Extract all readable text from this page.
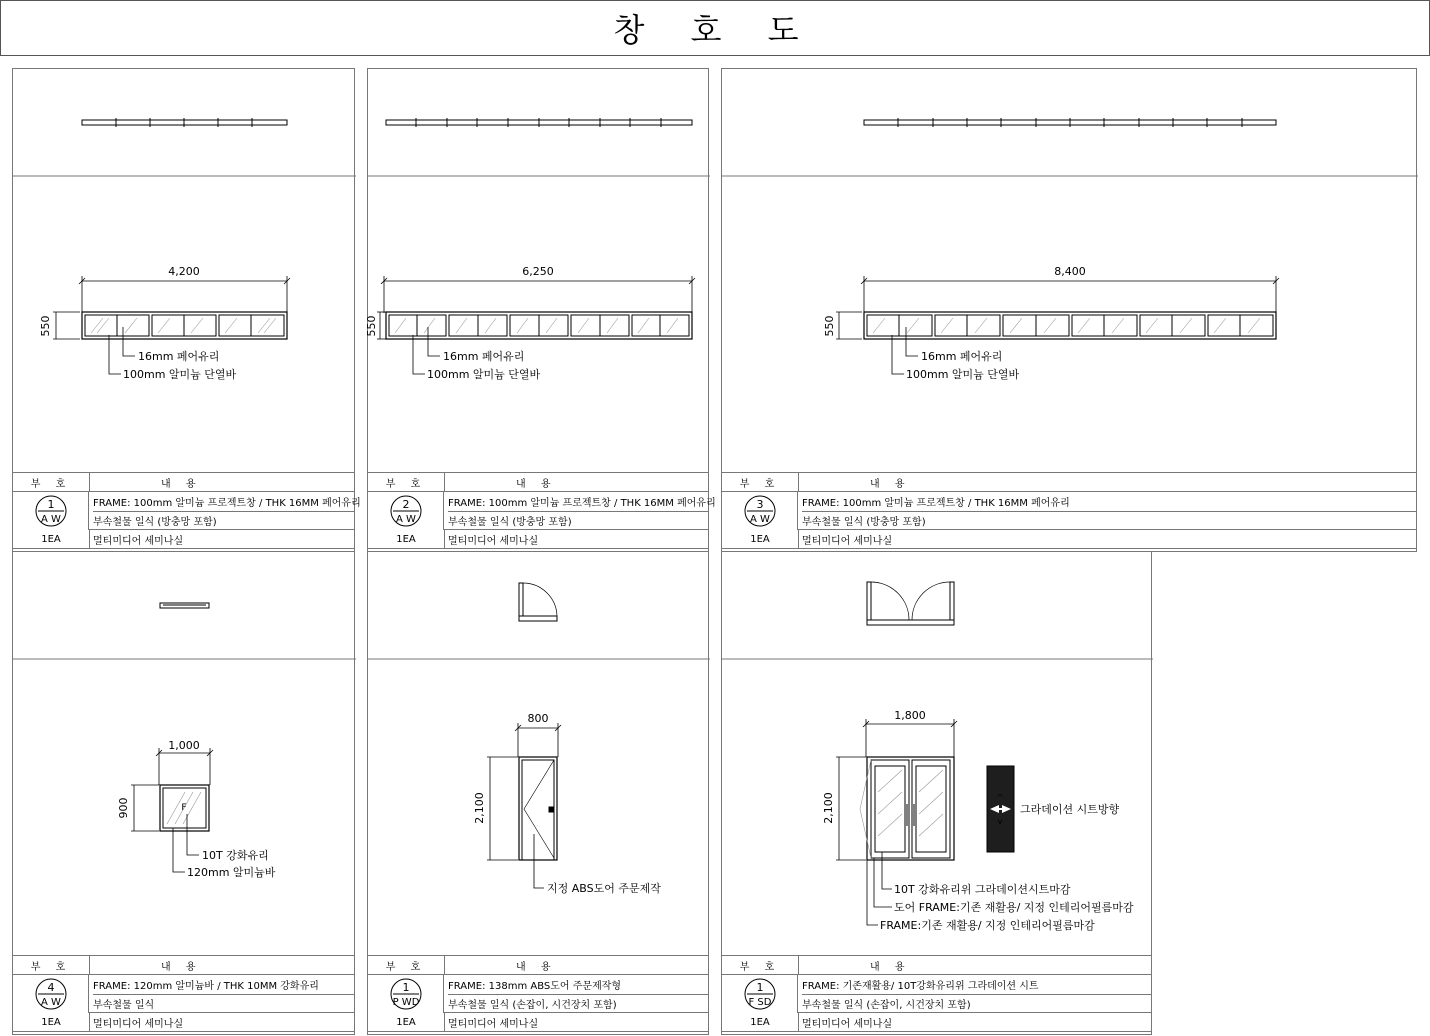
창 호 도
4,200
550
16mm 페어유리
100mm 알미늄 단열바
부 호	내 용
FRAME: 100mm 알미늄 프로젝트창 / THK 16MM 페어유리
부속철물 일식 (방충망 포함)
1EA	멀티미디어 세미나실
1
A W
6,250
550
16mm 페어유리
100mm 알미늄 단열바
부 호	내 용
FRAME: 100mm 알미늄 프로젝트창 / THK 16MM 페어유리
부속철물 일식 (방충망 포함)
1EA	멀티미디어 세미나실
2
A W
8,400
550
16mm 페어유리
100mm 알미늄 단열바
부 호	내 용
FRAME: 100mm 알미늄 프로젝트창 / THK 16MM 페어유리
부속철물 일식 (방충망 포함)
1EA	멀티미디어 세미나실
3
A W
1,000
900	F
10T 강화유리
120mm 알미늄바
부 호	내 용
FRAME: 120mm 알미늄바 / THK 10MM 강화유리
부속철물 일식
1EA	멀티미디어 세미나실
4
A W
800
2,100
지정 ABS도어 주문제작
부 호	내 용
FRAME: 138mm ABS도어 주문제작형
부속철물 일식 (손잡이, 시건장치 포함)
1EA	멀티미디어 세미나실
1
P WD
1,800
2,100	^
v
그라데이션 시트방향
10T 강화유리위 그라데이션시트마감
도어 FRAME:기존 재활용/ 지정 인테리어필름마감
FRAME:기존 재활용/ 지정 인테리어필름마감
부 호	내 용
FRAME: 기존재활용/ 10T강화유리위 그라데이션 시트
부속철물 일식 (손잡이, 시건장치 포함)
1EA	멀티미디어 세미나실
1
F SD
